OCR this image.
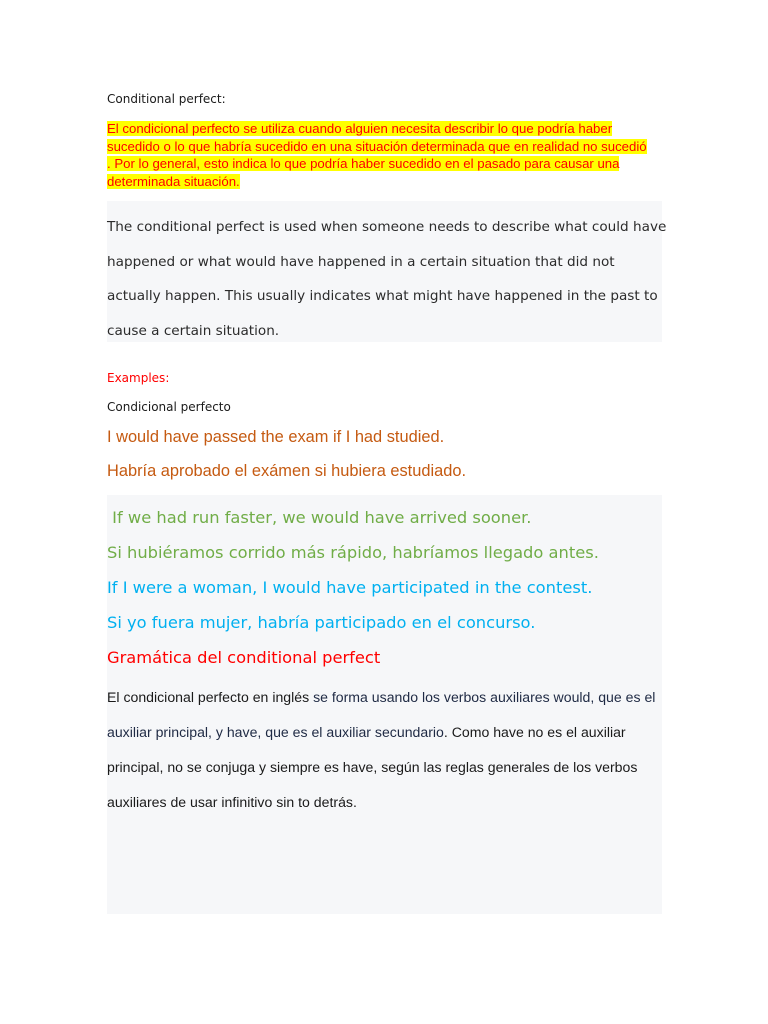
Conditional perfect:

El condicional perfecto se utiliza cuando alguien necesita describir lo que podría haber sucedido o lo que habría sucedido en una situación determinada que en realidad no sucedió . Por lo general, esto indica lo que podría haber sucedido en el pasado para causar una determinada situación.

The conditional perfect is used when someone needs to describe what could have happened or what would have happened in a certain situation that did not actually happen. This usually indicates what might have happened in the past to cause a certain situation.

Examples:

Condicional perfecto

I would have passed the exam if I had studied.

Habría aprobado el exámen si hubiera estudiado.

If we had run faster, we would have arrived sooner.

Si hubiéramos corrido más rápido, habríamos llegado antes.

If I were a woman, I would have participated in the contest.

Si yo fuera mujer, habría participado en el concurso.

Gramática del conditional perfect

El condicional perfecto en inglés se forma usando los verbos auxiliares would, que es el auxiliar principal, y have, que es el auxiliar secundario. Como have no es el auxiliar principal, no se conjuga y siempre es have, según las reglas generales de los verbos auxiliares de usar infinitivo sin to detrás.
